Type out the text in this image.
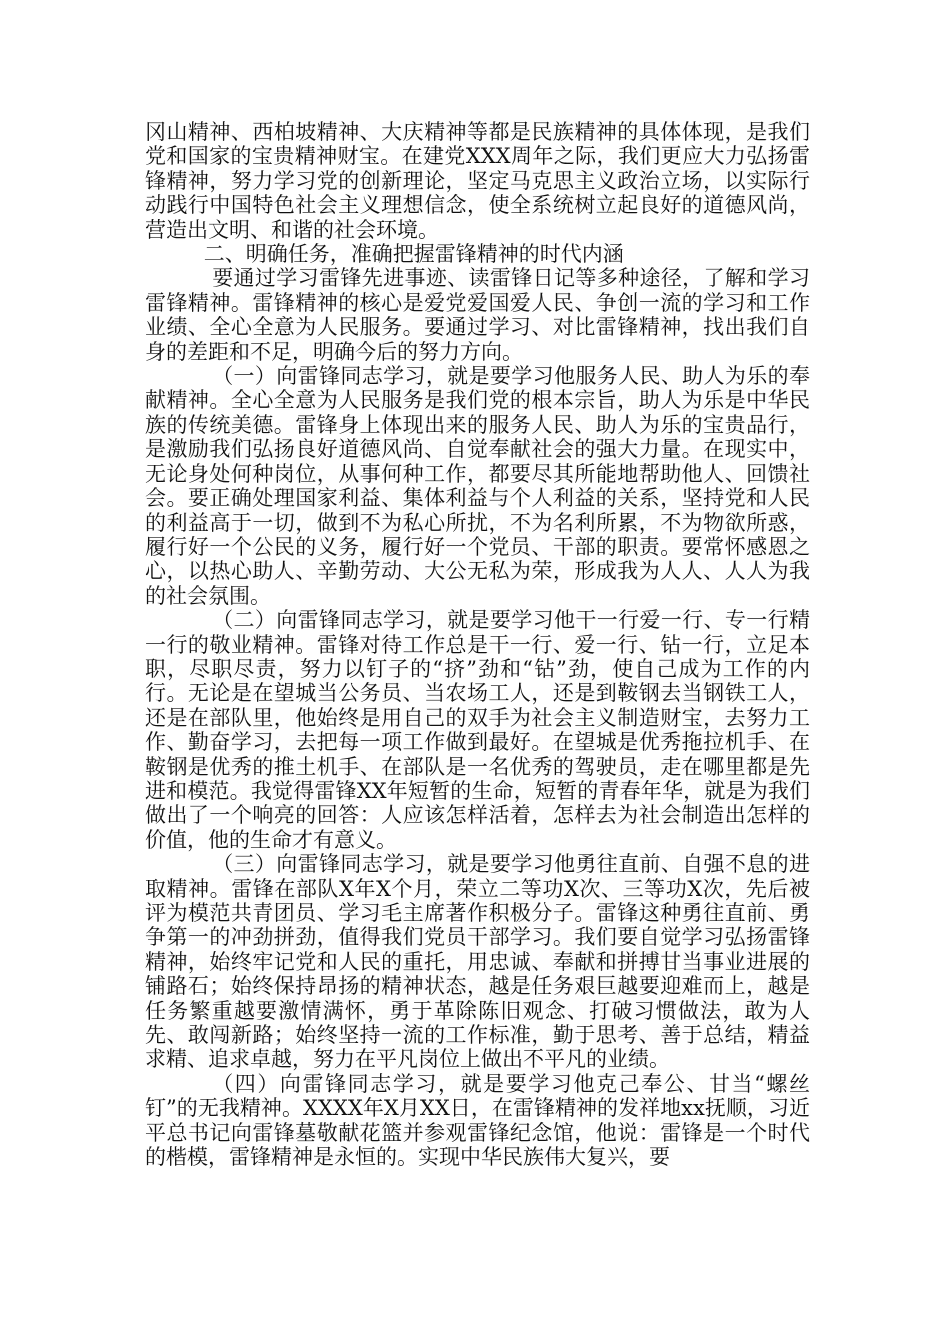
冈山精神、西柏坡精神、大庆精神等都是民族精神的具体体现，是我们党和国家的宝贵精神财宝。在建党XXX周年之际，我们更应大力弘扬雷锋精神，努力学习党的创新理论，坚定马克思主义政治立场，以实际行动践行中国特色社会主义理想信念，使全系统树立起良好的道德风尚，营造出文明、和谐的社会环境。

二、明确任务，准确把握雷锋精神的时代内涵

要通过学习雷锋先进事迹、读雷锋日记等多种途径，了解和学习雷锋精神。雷锋精神的核心是爱党爱国爱人民、争创一流的学习和工作业绩、全心全意为人民服务。要通过学习、对比雷锋精神，找出我们自身的差距和不足，明确今后的努力方向。

（一）向雷锋同志学习，就是要学习他服务人民、助人为乐的奉献精神。全心全意为人民服务是我们党的根本宗旨，助人为乐是中华民族的传统美德。雷锋身上体现出来的服务人民、助人为乐的宝贵品行，是激励我们弘扬良好道德风尚、自觉奉献社会的强大力量。在现实中，无论身处何种岗位，从事何种工作，都要尽其所能地帮助他人、回馈社会。要正确处理国家利益、集体利益与个人利益的关系，坚持党和人民的利益高于一切，做到不为私心所扰，不为名利所累，不为物欲所惑，履行好一个公民的义务，履行好一个党员、干部的职责。要常怀感恩之心，以热心助人、辛勤劳动、大公无私为荣，形成我为人人、人人为我的社会氛围。

（二）向雷锋同志学习，就是要学习他干一行爱一行、专一行精一行的敬业精神。雷锋对待工作总是干一行、爱一行、钻一行，立足本职，尽职尽责，努力以钉子的“挤”劲和“钻”劲，使自己成为工作的内行。无论是在望城当公务员、当农场工人，还是到鞍钢去当钢铁工人，还是在部队里，他始终是用自己的双手为社会主义制造财宝，去努力工作、勤奋学习，去把每一项工作做到最好。在望城是优秀拖拉机手、在鞍钢是优秀的推土机手、在部队是一名优秀的驾驶员，走在哪里都是先进和模范。我觉得雷锋XX年短暂的生命，短暂的青春年华，就是为我们做出了一个响亮的回答：人应该怎样活着，怎样去为社会制造出怎样的价值，他的生命才有意义。

（三）向雷锋同志学习，就是要学习他勇往直前、自强不息的进取精神。雷锋在部队X年X个月，荣立二等功X次、三等功X次，先后被评为模范共青团员、学习毛主席著作积极分子。雷锋这种勇往直前、勇争第一的冲劲拼劲，值得我们党员干部学习。我们要自觉学习弘扬雷锋精神，始终牢记党和人民的重托，用忠诚、奉献和拼搏甘当事业进展的铺路石；始终保持昂扬的精神状态，越是任务艰巨越要迎难而上，越是任务繁重越要激情满怀，勇于革除陈旧观念、打破习惯做法，敢为人先、敢闯新路；始终坚持一流的工作标准，勤于思考、善于总结，精益求精、追求卓越，努力在平凡岗位上做出不平凡的业绩。

（四）向雷锋同志学习，就是要学习他克己奉公、甘当“螺丝钉”的无我精神。XXXX年X月XX日，在雷锋精神的发祥地xx抚顺，习近平总书记向雷锋墓敬献花篮并参观雷锋纪念馆，他说：雷锋是一个时代的楷模，雷锋精神是永恒的。实现中华民族伟大复兴，要
